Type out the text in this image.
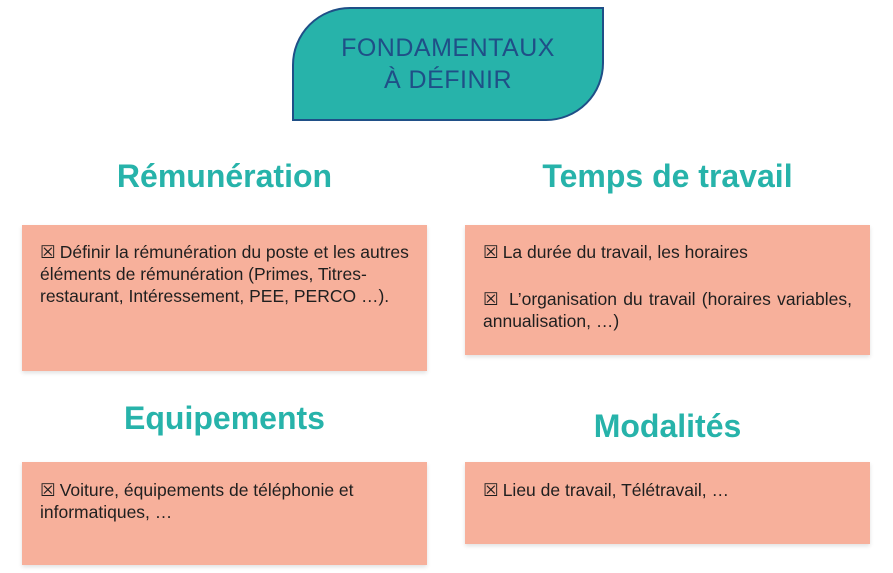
FONDAMENTAUX
À DÉFINIR
Rémunération

☒ Définir la rémunération du poste et les autres éléments de rémunération (Primes, Titres-restaurant, Intéressement, PEE, PERCO …).

Temps de travail

☒ La durée du travail, les horaires

☒ L’organisation du travail (horaires variables, annualisation, …)

Equipements

☒ Voiture, équipements de téléphonie et informatiques, …

Modalités

☒ Lieu de travail, Télétravail, …
